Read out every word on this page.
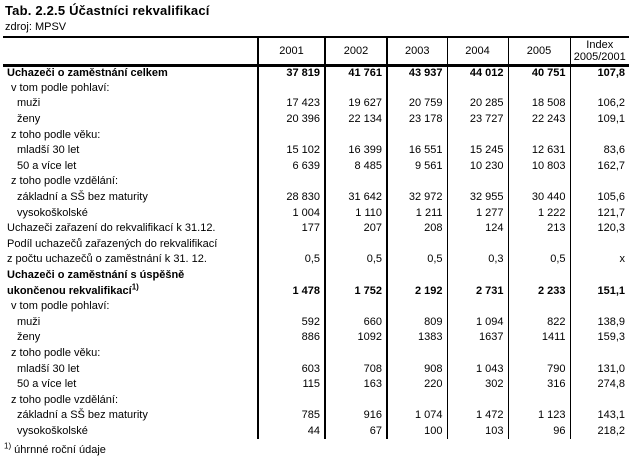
Tab. 2.2.5 Účastníci rekvalifikací
zdroj: MPSV
	2001	2002	2003	2004	2005	Index 2005/2001
Uchazeči o zaměstnání celkem	37 819	41 761	43 937	44 012	40 751	107,8
v tom podle pohlaví:						
muži	17 423	19 627	20 759	20 285	18 508	106,2
ženy	20 396	22 134	23 178	23 727	22 243	109,1
z toho podle věku:						
mladší 30 let	15 102	16 399	16 551	15 245	12 631	83,6
50 a více let	6 639	8 485	9 561	10 230	10 803	162,7
z toho podle vzdělání:						
základní a SŠ bez maturity	28 830	31 642	32 972	32 955	30 440	105,6
vysokoškolské	1 004	1 110	1 211	1 277	1 222	121,7
Uchazeči zařazení do rekvalifikací k 31.12.	177	207	208	124	213	120,3
Podíl uchazečů zařazených do rekvalifikací						
z počtu uchazečů o zaměstnání k 31. 12.	0,5	0,5	0,5	0,3	0,5	x
Uchazeči o zaměstnání s úspěšně						
ukončenou rekvalifikací$^{1)}$	1 478	1 752	2 192	2 731	2 233	151,1
v tom podle pohlaví:						
muži	592	660	809	1 094	822	138,9
ženy	886	1092	1383	1637	1411	159,3
z toho podle věku:						
mladší 30 let	603	708	908	1 043	790	131,0
50 a více let	115	163	220	302	316	274,8
z toho podle vzdělání:						
základní a SŠ bez maturity	785	916	1 074	1 472	1 123	143,1
vysokoškolské	44	67	100	103	96	218,2
$^{1)}$ úhrnné roční údaje
